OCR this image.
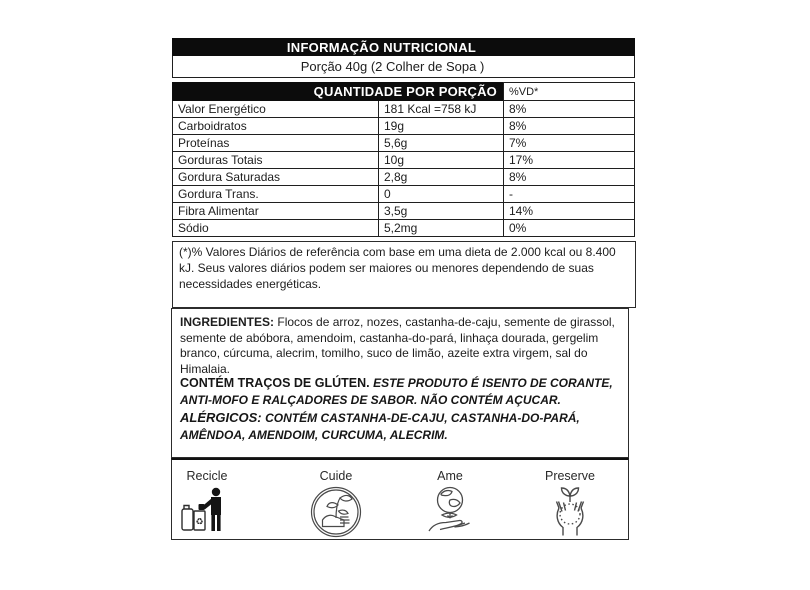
INFORMAÇÃO NUTRICIONAL
Porção 40g (2 Colher de Sopa )
QUANTIDADE POR PORÇÃO	%VD*
Valor Energético	181 Kcal =758 kJ	8%
Carboidratos	19g	8%
Proteínas	5,6g	7%
Gorduras Totais	10g	17%
Gordura Saturadas	2,8g	8%
Gordura Trans.	0	-
Fibra Alimentar	3,5g	14%
Sódio	5,2mg	0%
(*)% Valores Diários de referência com base em uma dieta de 2.000 kcal ou 8.400 kJ. Seus valores diários podem ser maiores ou menores dependendo de suas necessidades energéticas.
INGREDIENTES: Flocos de arroz, nozes, castanha-de-caju, semente de girassol, semente de abóbora, amendoim, castanha-do-pará, linhaça dourada, gergelim branco, cúrcuma, alecrim, tomilho, suco de limão, azeite extra virgem, sal do Himalaia.
CONTÉM TRAÇOS DE GLÚTEN. ESTE PRODUTO É ISENTO DE CORANTE, ANTI-MOFO E RALÇADORES DE SABOR. NÃO CONTÉM AÇUCAR. ALÉRGICOS: CONTÉM CASTANHA-DE-CAJU, CASTANHA-DO-PARÁ, AMÊNDOA, AMENDOIM, CURCUMA, ALECRIM.
Recicle
♻
Cuide	Ame	Preserve
